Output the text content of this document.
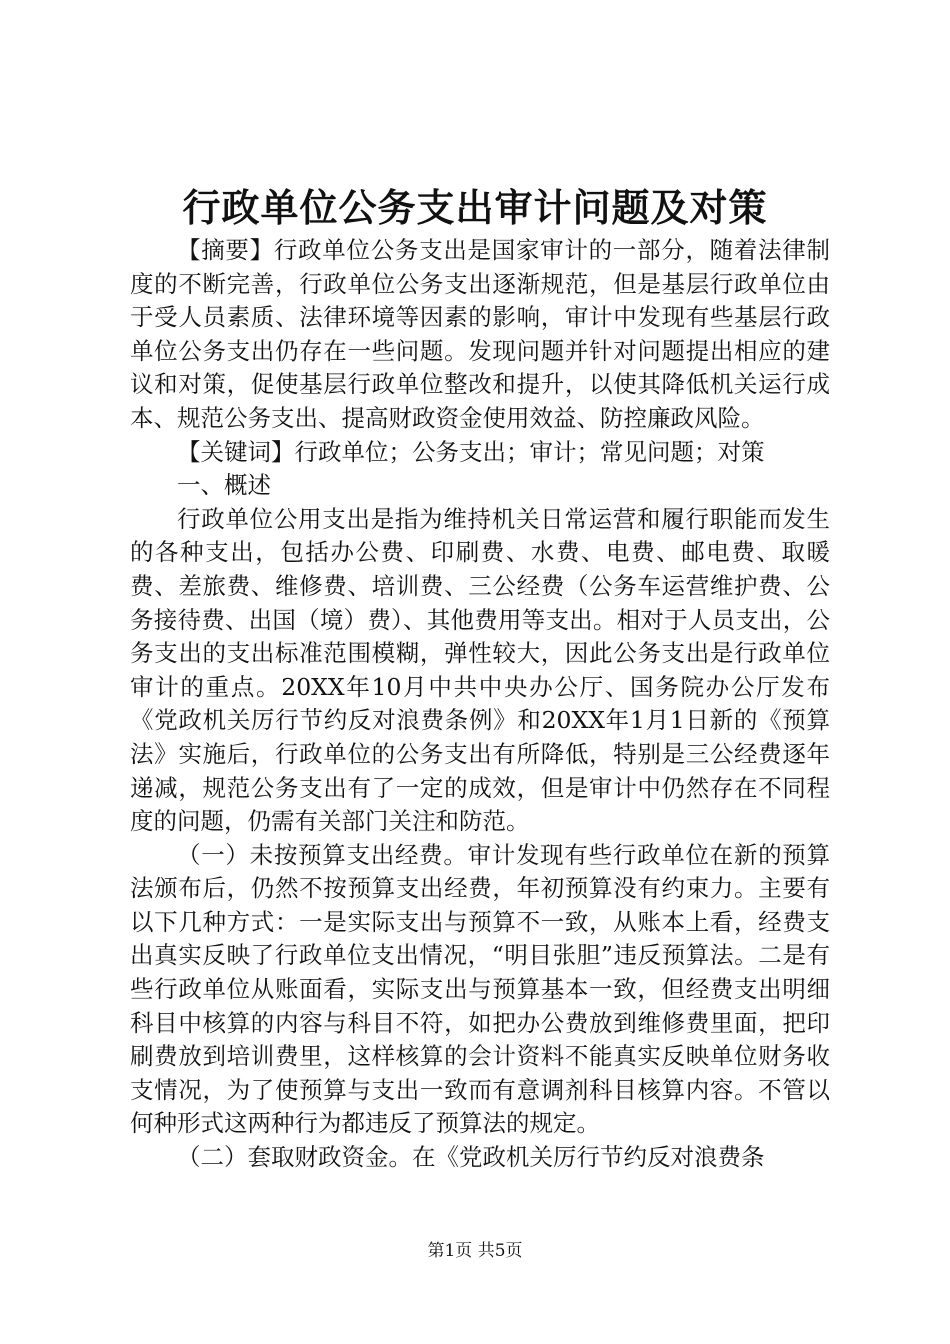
行政单位公务支出审计问题及对策

【摘要】行政单位公务支出是国家审计的一部分，随着法律制度的不断完善，行政单位公务支出逐渐规范，但是基层行政单位由于受人员素质、法律环境等因素的影响，审计中发现有些基层行政单位公务支出仍存在一些问题。发现问题并针对问题提出相应的建议和对策，促使基层行政单位整改和提升，以使其降低机关运行成本、规范公务支出、提高财政资金使用效益、防控廉政风险。

【关键词】行政单位；公务支出；审计；常见问题；对策

一、概述

行政单位公用支出是指为维持机关日常运营和履行职能而发生的各种支出，包括办公费、印刷费、水费、电费、邮电费、取暖费、差旅费、维修费、培训费、三公经费（公务车运营维护费、公务接待费、出国（境）费）、其他费用等支出。相对于人员支出，公务支出的支出标准范围模糊，弹性较大，因此公务支出是行政单位审计的重点。20XX年10月中共中央办公厅、国务院办公厅发布《党政机关厉行节约反对浪费条例》和20XX年1月1日新的《预算法》实施后，行政单位的公务支出有所降低，特别是三公经费逐年递减，规范公务支出有了一定的成效，但是审计中仍然存在不同程度的问题，仍需有关部门关注和防范。

（一）未按预算支出经费。审计发现有些行政单位在新的预算法颁布后，仍然不按预算支出经费，年初预算没有约束力。主要有以下几种方式：一是实际支出与预算不一致，从账本上看，经费支出真实反映了行政单位支出情况，“明目张胆”违反预算法。二是有些行政单位从账面看，实际支出与预算基本一致，但经费支出明细科目中核算的内容与科目不符，如把办公费放到维修费里面，把印刷费放到培训费里，这样核算的会计资料不能真实反映单位财务收支情况，为了使预算与支出一致而有意调剂科目核算内容。不管以何种形式这两种行为都违反了预算法的规定。

（二）套取财政资金。在《党政机关厉行节约反对浪费条

第1页 共5页
